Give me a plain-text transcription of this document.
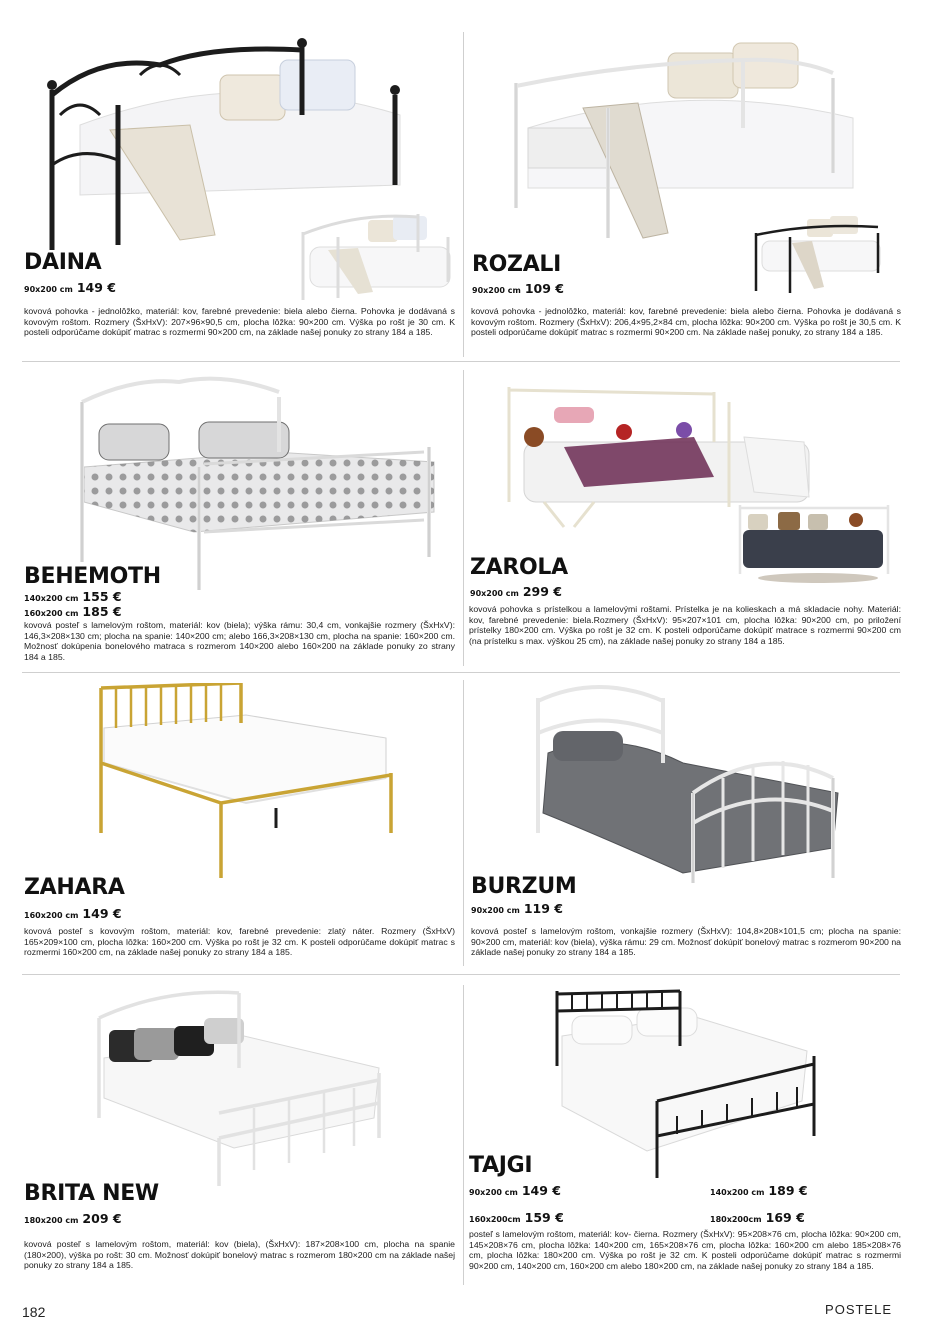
DAINA
90x200 cm 149 €

kovová pohovka - jednolôžko, materiál: kov, farebné prevedenie: biela alebo čierna. Pohovka je dodávaná s kovovým roštom. Rozmery (ŠxHxV): 207×96×90,5 cm, plocha lôžka: 90×200 cm. Výška po rošt je 30 cm. K posteli odporúčame dokúpiť matrac s rozmermi 90×200 cm, na základe našej ponuky zo strany 184 a 185.

ROZALI
90x200 cm 109 €

kovová pohovka - jednolôžko, materiál: kov, farebné prevedenie: biela alebo čierna. Pohovka je dodávaná s kovovým roštom. Rozmery (ŠxHxV): 206,4×95,2×84 cm, plocha lôžka: 90×200 cm. Výška po rošt je 30,5 cm. K posteli odporúčame dokúpiť matrac s rozmermi 90×200 cm. Na základe našej ponuky, zo strany 184 a 185.

BEHEMOTH
140x200 cm 155 €
160x200 cm 185 €

kovová posteľ s lamelovým roštom, materiál: kov (biela); výška rámu: 30,4 cm, vonkajšie rozmery (ŠxHxV): 146,3×208×130 cm; plocha na spanie: 140×200 cm; alebo 166,3×208×130 cm, plocha na spanie: 160×200 cm. Možnosť dokúpenia bonelového matraca s rozmerom 140×200 alebo 160×200 na základe ponuky zo strany 184 a 185.

ZAROLA
90x200 cm 299 €

kovová pohovka s prístelkou a lamelovými roštami. Prístelka je na kolieskach a má skladacie nohy. Materiál: kov, farebné prevedenie: biela.Rozmery (ŠxHxV): 95×207×101 cm, plocha lôžka: 90×200 cm, po priložení prístelky 180×200 cm. Výška po rošt je 32 cm. K posteli odporúčame dokúpiť matrace s rozmermi 90×200 cm (na prístelku s max. výškou 25 cm), na základe našej ponuky zo strany 184 a 185.

ZAHARA
160x200 cm 149 €

kovová posteľ s kovovým roštom, materiál: kov, farebné prevedenie: zlatý náter. Rozmery (ŠxHxV) 165×209×100 cm, plocha lôžka: 160×200 cm. Výška po rošt je 32 cm. K posteli odporúčame dokúpiť matrac s rozmermi 160×200 cm, na základe našej ponuky zo strany 184 a 185.

BURZUM
90x200 cm 119 €

kovová posteľ s lamelovým roštom, vonkajšie rozmery (ŠxHxV): 104,8×208×101,5 cm; plocha na spanie: 90×200 cm, materiál: kov (biela), výška rámu: 29 cm. Možnosť dokúpiť bonelový matrac s rozmerom 90×200 na základe našej ponuky zo strany 184 a 185.

BRITA NEW
180x200 cm 209 €

kovová posteľ s lamelovým roštom, materiál: kov (biela), (ŠxHxV): 187×208×100 cm, plocha na spanie (180×200), výška po rošt: 30 cm. Možnosť dokúpiť bonelový matrac s rozmerom 180×200 cm na základe našej ponuky zo strany 184 a 185.

TAJGI
90x200 cm 149 €	140x200 cm 189 €
160x200cm 159 €	180x200cm 169 €

posteľ s lamelovým roštom, materiál: kov- čierna. Rozmery (ŠxHxV): 95×208×76 cm, plocha lôžka: 90×200 cm, 145×208×76 cm, plocha lôžka: 140×200 cm, 165×208×76 cm, plocha lôžka: 160×200 cm alebo 185×208×76 cm, plocha lôžka: 180×200 cm. Výška po rošt je 32 cm. K posteli odporúčame dokúpiť matrac s rozmermi 90×200 cm, 140×200 cm, 160×200 cm alebo 180×200 cm, na základe našej ponuky zo strany 184 a 185.

182	POSTELE
